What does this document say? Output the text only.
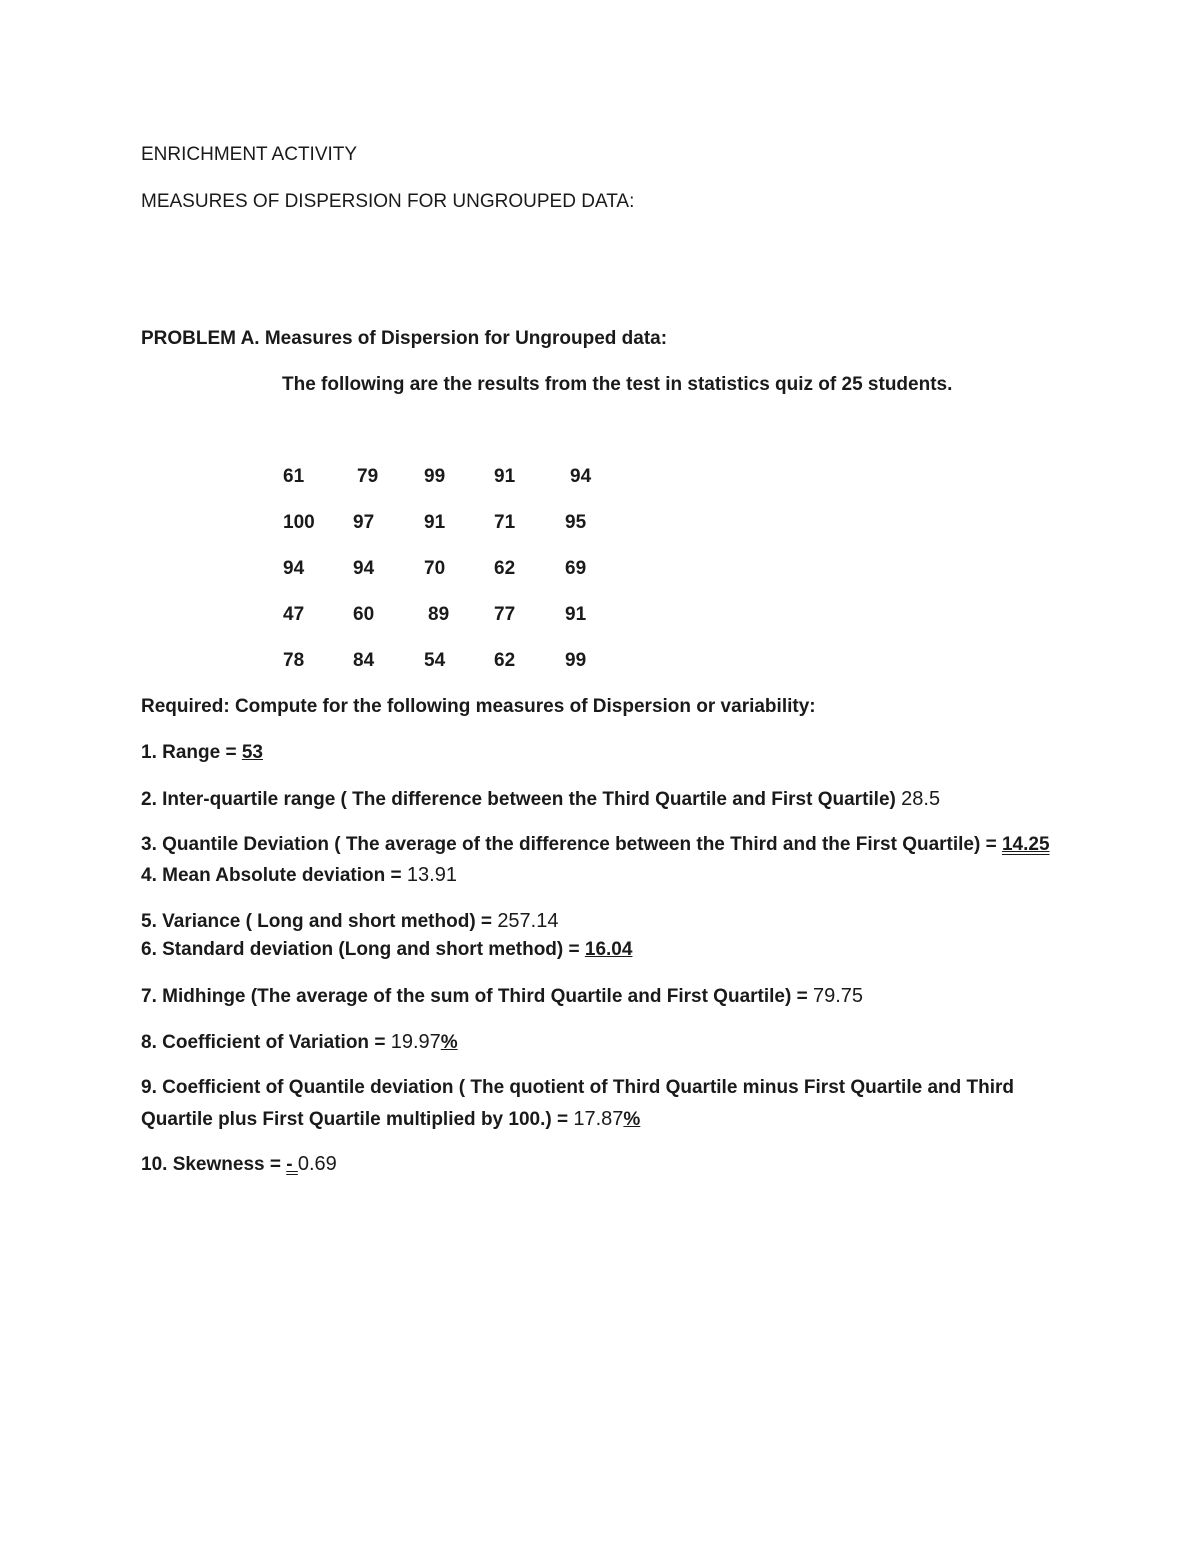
ENRICHMENT ACTIVITY
MEASURES OF DISPERSION FOR UNGROUPED DATA:
PROBLEM A. Measures of Dispersion for Ungrouped data:
The following are the results from the test in statistics quiz of 25 students.
61	79 99	91	94
100 97	91	71	95
94	94	70	62	69
47	60	89 77	91
78	84	54	62	99
Required: Compute for the following measures of Dispersion or variability:
1. Range = 53
2. Inter-quartile range ( The difference between the Third Quartile and First Quartile) 28.5
3. Quantile Deviation ( The average of the difference between the Third and the First Quartile) = 14.25
4. Mean Absolute deviation = 13.91
5. Variance ( Long and short method) = 257.14
6. Standard deviation (Long and short method) = 16.04
7. Midhinge (The average of the sum of Third Quartile and First Quartile) = 79.75
8. Coefficient of Variation = 19.97%
9. Coefficient of Quantile deviation ( The quotient of Third Quartile minus First Quartile and Third
Quartile plus First Quartile multiplied by 100.) = 17.87%
10. Skewness = - 0.69
